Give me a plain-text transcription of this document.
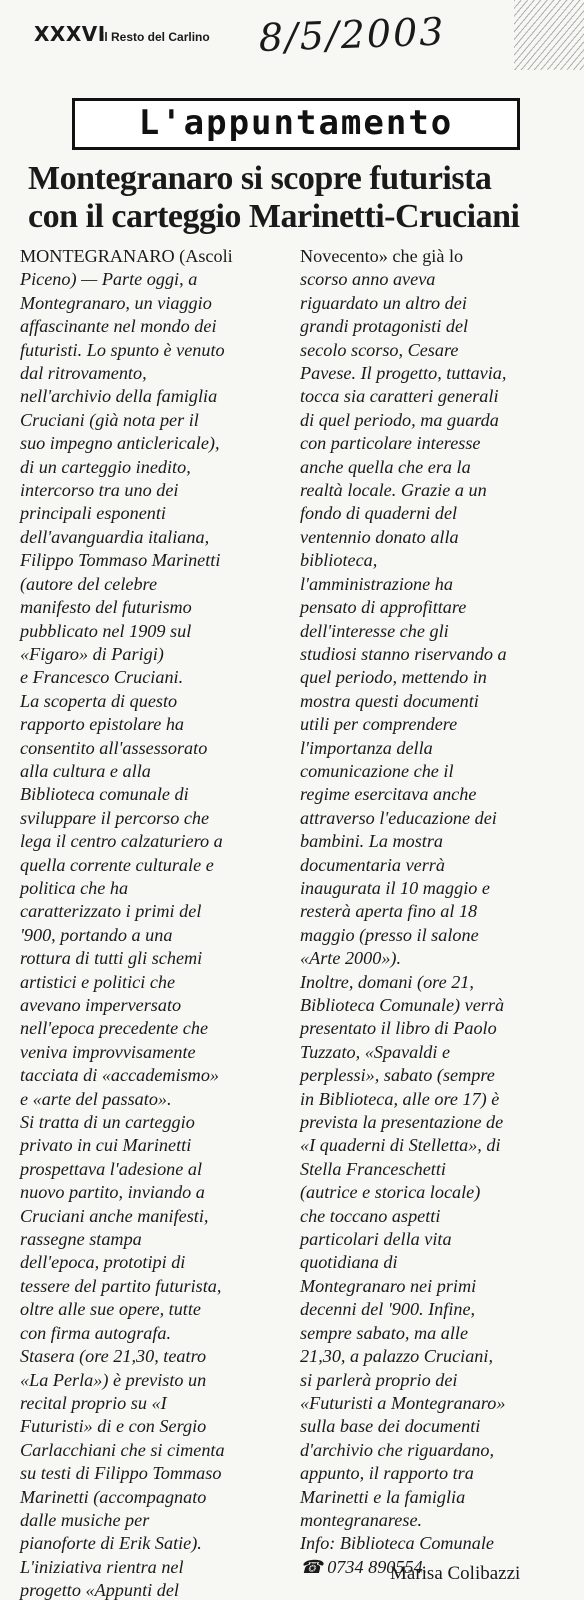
XXXVI
il Resto del Carlino 8/5/2003
L'appuntamento
Montegranaro si scopre futurista
con il carteggio Marinetti-Cruciani
MONTEGRANARO (Ascoli
Piceno) — Parte oggi, a
Montegranaro, un viaggio
affascinante nel mondo dei
futuristi. Lo spunto è venuto
dal ritrovamento,
nell'archivio della famiglia
Cruciani (già nota per il
suo impegno anticlericale),
di un carteggio inedito,
intercorso tra uno dei
principali esponenti
dell'avanguardia italiana,
Filippo Tommaso Marinetti
(autore del celebre
manifesto del futurismo
pubblicato nel 1909 sul
«Figaro» di Parigi)
e Francesco Cruciani.
La scoperta di questo
rapporto epistolare ha
consentito all'assessorato
alla cultura e alla
Biblioteca comunale di
sviluppare il percorso che
lega il centro calzaturiero a
quella corrente culturale e
politica che ha
caratterizzato i primi del
'900, portando a una
rottura di tutti gli schemi
artistici e politici che
avevano imperversato
nell'epoca precedente che
veniva improvvisamente
tacciata di «accademismo»
e «arte del passato».
Si tratta di un carteggio
privato in cui Marinetti
prospettava l'adesione al
nuovo partito, inviando a
Cruciani anche manifesti,
rassegne stampa
dell'epoca, prototipi di
tessere del partito futurista,
oltre alle sue opere, tutte
con firma autografa.
Stasera (ore 21,30, teatro
«La Perla») è previsto un
recital proprio su «I
Futuristi» di e con Sergio
Carlacchiani che si cimenta
su testi di Filippo Tommaso
Marinetti (accompagnato
dalle musiche per
pianoforte di Erik Satie).
L'iniziativa rientra nel
progetto «Appunti del
Novecento» che già lo
scorso anno aveva
riguardato un altro dei
grandi protagonisti del
secolo scorso, Cesare
Pavese. Il progetto, tuttavia,
tocca sia caratteri generali
di quel periodo, ma guarda
con particolare interesse
anche quella che era la
realtà locale. Grazie a un
fondo di quaderni del
ventennio donato alla
biblioteca,
l'amministrazione ha
pensato di approfittare
dell'interesse che gli
studiosi stanno riservando a
quel periodo, mettendo in
mostra questi documenti
utili per comprendere
l'importanza della
comunicazione che il
regime esercitava anche
attraverso l'educazione dei
bambini. La mostra
documentaria verrà
inaugurata il 10 maggio e
resterà aperta fino al 18
maggio (presso il salone
«Arte 2000»).
Inoltre, domani (ore 21,
Biblioteca Comunale) verrà
presentato il libro di Paolo
Tuzzato, «Spavaldi e
perplessi», sabato (sempre
in Biblioteca, alle ore 17) è
prevista la presentazione de
«I quaderni di Stelletta», di
Stella Franceschetti
(autrice e storica locale)
che toccano aspetti
particolari della vita
quotidiana di
Montegranaro nei primi
decenni del '900. Infine,
sempre sabato, ma alle
21,30, a palazzo Cruciani,
si parlerà proprio dei
«Futuristi a Montegranaro»
sulla base dei documenti
d'archivio che riguardano,
appunto, il rapporto tra
Marinetti e la famiglia
montegranarese.
Info: Biblioteca Comunale
☎ 0734 890554.
Marisa Colibazzi
